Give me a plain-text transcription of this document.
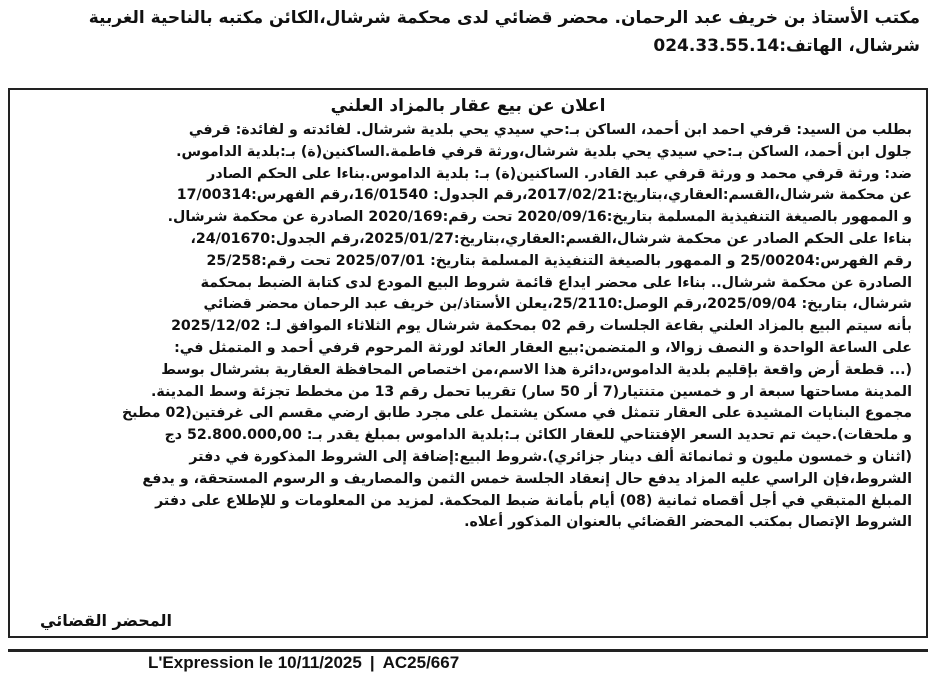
مكتب الأستاذ بن خريف عبد الرحمان. محضر قضائي لدى محكمة شرشال،الكائن مكتبه بالناحية الغربية
شرشال، الهاتف:024.33.55.14
اعلان عن بيع عقار بالمزاد العلني
بطلب من السيد: قرفي احمد ابن أحمد، الساكن بـ:حي سيدي يحي بلدية شرشال. لفائدته و لفائدة: قرفي
جلول ابن أحمد، الساكن بـ:حي سيدي يحي بلدية شرشال،ورثة قرفي فاطمة.الساكنين(ة) بـ:بلدية الداموس.
ضد: ورثة قرفي محمد و ورثة قرفي عبد القادر. الساكنين(ة) بـ: بلدية الداموس.بناءا على الحكم الصادر
عن محكمة شرشال،القسم:العقاري،بتاريخ:2017/02/21،رقم الجدول: 16/01540،رقم الفهرس:17/00314
و الممهور بالصيغة التنفيذية المسلمة بتاريخ:2020/09/16 تحت رقم:2020/169 الصادرة عن محكمة شرشال.
بناءا على الحكم الصادر عن محكمة شرشال،القسم:العقاري،بتاريخ:2025/01/27،رقم الجدول:24/01670،
رقم الفهرس:25/00204 و الممهور بالصيغة التنفيذية المسلمة بتاريخ: 2025/07/01 تحت رقم:25/258
الصادرة عن محكمة شرشال.. بناءا على محضر ايداع قائمة شروط البيع المودع لدى كتابة الضبط بمحكمة
شرشال، بتاريخ: 2025/09/04،رقم الوصل:25/2110،يعلن الأستاذ/بن خريف عبد الرحمان محضر قضائي
بأنه سيتم البيع بالمزاد العلني بقاعة الجلسات رقم 02 بمحكمة شرشال يوم الثلاثاء الموافق لـ: 2025/12/02
على الساعة الواحدة و النصف زوالا، و المتضمن:بيع العقار العائد لورثة المرحوم قرفي أحمد و المتمثل في:
(... قطعة أرض واقعة بإقليم بلدية الداموس،دائرة هذا الاسم،من اختصاص المحافظة العقارية بشرشال بوسط
المدينة مساحتها سبعة ار و خمسين متنتيار(7 أر 50 سار) تقريبا تحمل رقم 13 من مخطط تجزئة وسط المدينة.
مجموع البنايات المشيدة على العقار تتمثل في مسكن يشتمل على مجرد طابق ارضي مقسم الى غرفتين(02 مطبخ
و ملحقات).حيث تم تحديد السعر الإفتتاحي للعقار الكائن بـ:بلدية الداموس بمبلغ يقدر بـ: 52.800.000,00 دج
(اثنان و خمسون مليون و ثمانمائة ألف دينار جزائري).شروط البيع:إضافة إلى الشروط المذكورة في دفتر
الشروط،فإن الراسي عليه المزاد يدفع حال إنعقاد الجلسة خمس الثمن والمصاريف و الرسوم المستحقة، و يدفع
المبلغ المتبقي في أجل أقصاه ثمانية (08) أيام بأمانة ضبط المحكمة. لمزيد من المعلومات و للإطلاع على دفتر
الشروط الإتصال بمكتب المحضر القضائي بالعنوان المذكور أعلاه.
المحضر القضائي
L'Expression le 10/11/2025 | AC25/667
